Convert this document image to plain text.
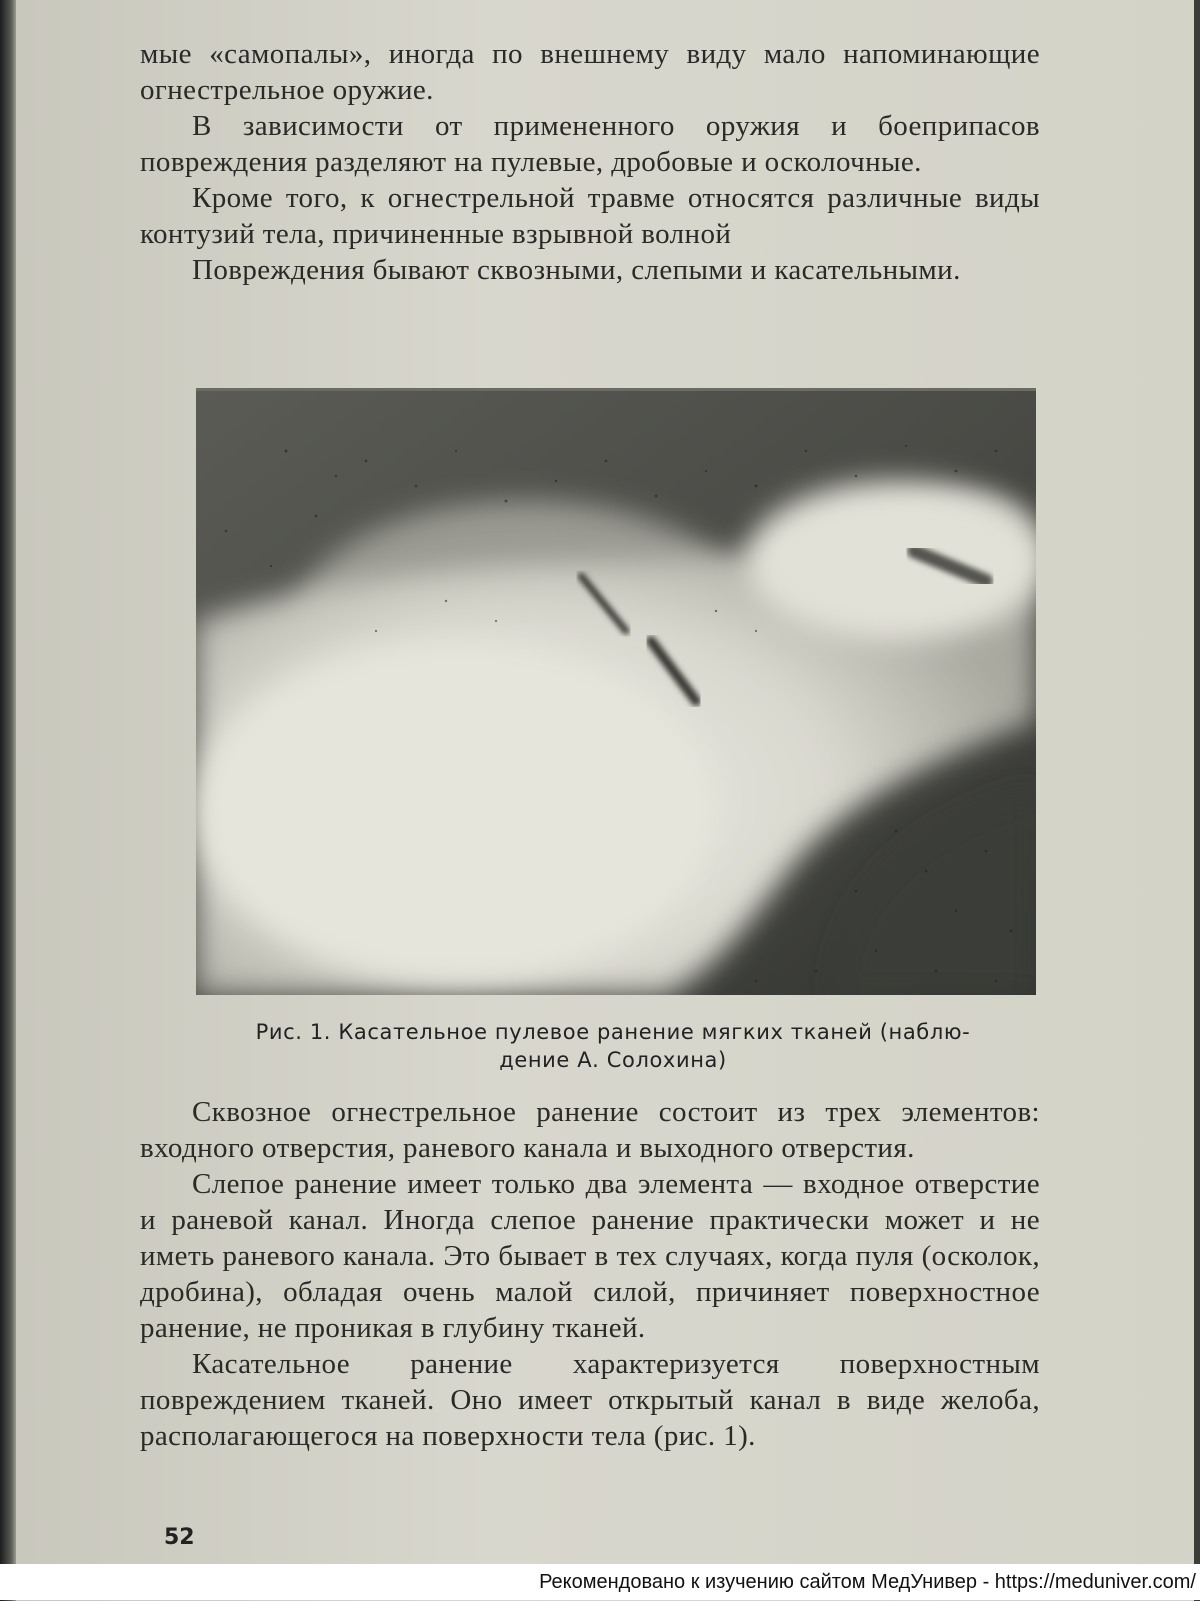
мые «самопалы», иногда по внешнему виду мало напоминающие огнестрельное оружие.

В зависимости от примененного оружия и боеприпасов повреждения разделяют на пулевые, дробовые и осколочные.

Кроме того, к огнестрельной травме относятся различные виды контузий тела, причиненные взрывной волной

Повреждения бывают сквозными, слепыми и касательными.

Рис. 1. Касательное пулевое ранение мягких тканей (наблю-
дение А. Солохина)

Сквозное огнестрельное ранение состоит из трех элементов: входного отверстия, раневого канала и выходного отверстия.

Слепое ранение имеет только два элемента — входное отверстие и раневой канал. Иногда слепое ранение практически может и не иметь раневого канала. Это бывает в тех случаях, когда пуля (осколок, дробина), обладая очень малой силой, причиняет поверхностное ранение, не проникая в глубину тканей.

Касательное ранение характеризуется поверхностным повреждением тканей. Оно имеет открытый канал в виде желоба, располагающегося на поверхности тела (рис. 1).

52
Рекомендовано к изучению сайтом МедУнивер - https://meduniver.com/
